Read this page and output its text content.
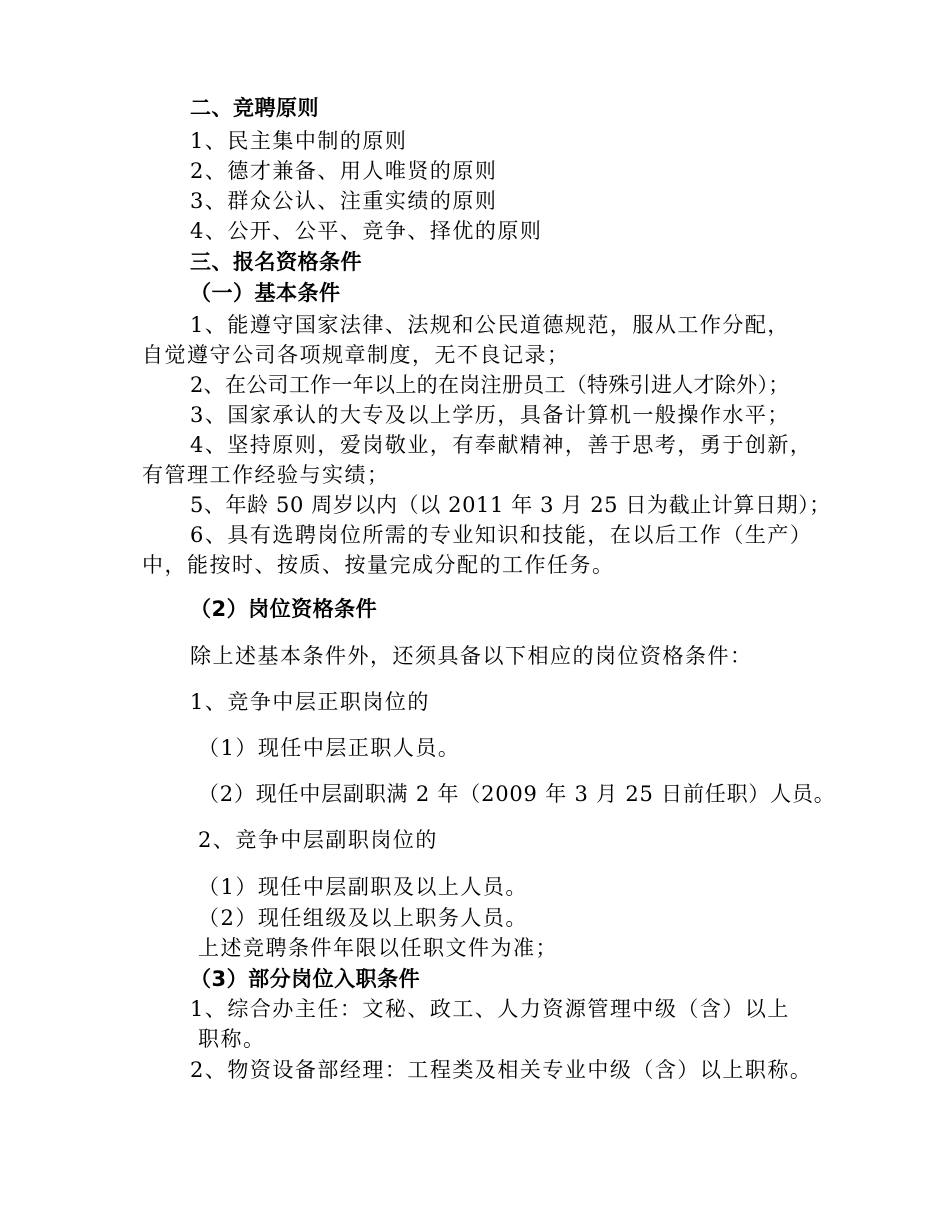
二、竞聘原则
1、民主集中制的原则
2、德才兼备、用人唯贤的原则
3、群众公认、注重实绩的原则
4、公开、公平、竞争、择优的原则
三、报名资格条件
（一）基本条件
1、能遵守国家法律、法规和公民道德规范，服从工作分配，
自觉遵守公司各项规章制度，无不良记录；
2、在公司工作一年以上的在岗注册员工（特殊引进人才除外）；
3、国家承认的大专及以上学历，具备计算机一般操作水平；
4、坚持原则，爱岗敬业，有奉献精神，善于思考，勇于创新，
有管理工作经验与实绩；
5、年龄 50 周岁以内（以 2011 年 3 月 25 日为截止计算日期）；
6、具有选聘岗位所需的专业知识和技能，在以后工作（生产）
中，能按时、按质、按量完成分配的工作任务。
（2）岗位资格条件
除上述基本条件外，还须具备以下相应的岗位资格条件：
1、竞争中层正职岗位的
（1）现任中层正职人员。
（2）现任中层副职满 2 年（2009 年 3 月 25 日前任职）人员。
2、竞争中层副职岗位的
（1）现任中层副职及以上人员。
（2）现任组级及以上职务人员。
上述竞聘条件年限以任职文件为准；
（3）部分岗位入职条件
1、综合办主任：文秘、政工、人力资源管理中级（含）以上
职称。
2、物资设备部经理：工程类及相关专业中级（含）以上职称。
